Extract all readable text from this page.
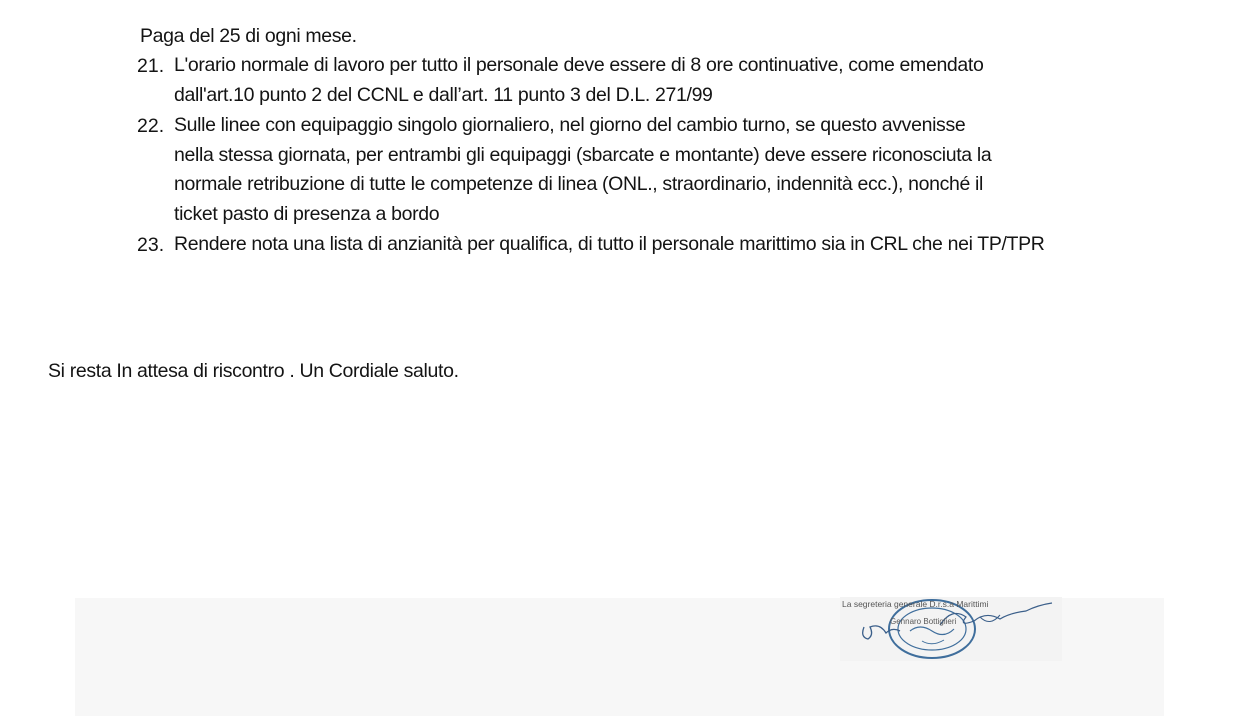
Paga del 25 di ogni mese.
21. L'orario normale di lavoro per tutto il personale deve essere di 8 ore continuative, come emendato
dall'art.10 punto 2 del CCNL e dall’art. 11 punto 3 del D.L. 271/99
22. Sulle linee con equipaggio singolo giornaliero, nel giorno del cambio turno, se questo avvenisse
nella stessa giornata, per entrambi gli equipaggi (sbarcate e montante) deve essere riconosciuta la
normale retribuzione di tutte le competenze di linea (ONL., straordinario, indennità ecc.), nonché il
ticket pasto di presenza a bordo
23. Rendere nota una lista di anzianità per qualifica, di tutto il personale marittimo sia in CRL che nei TP/TPR
Si resta In attesa di riscontro . Un Cordiale saluto.
La segreteria generale D.r.s.a Marittimi
Gennaro Bottiglieri
